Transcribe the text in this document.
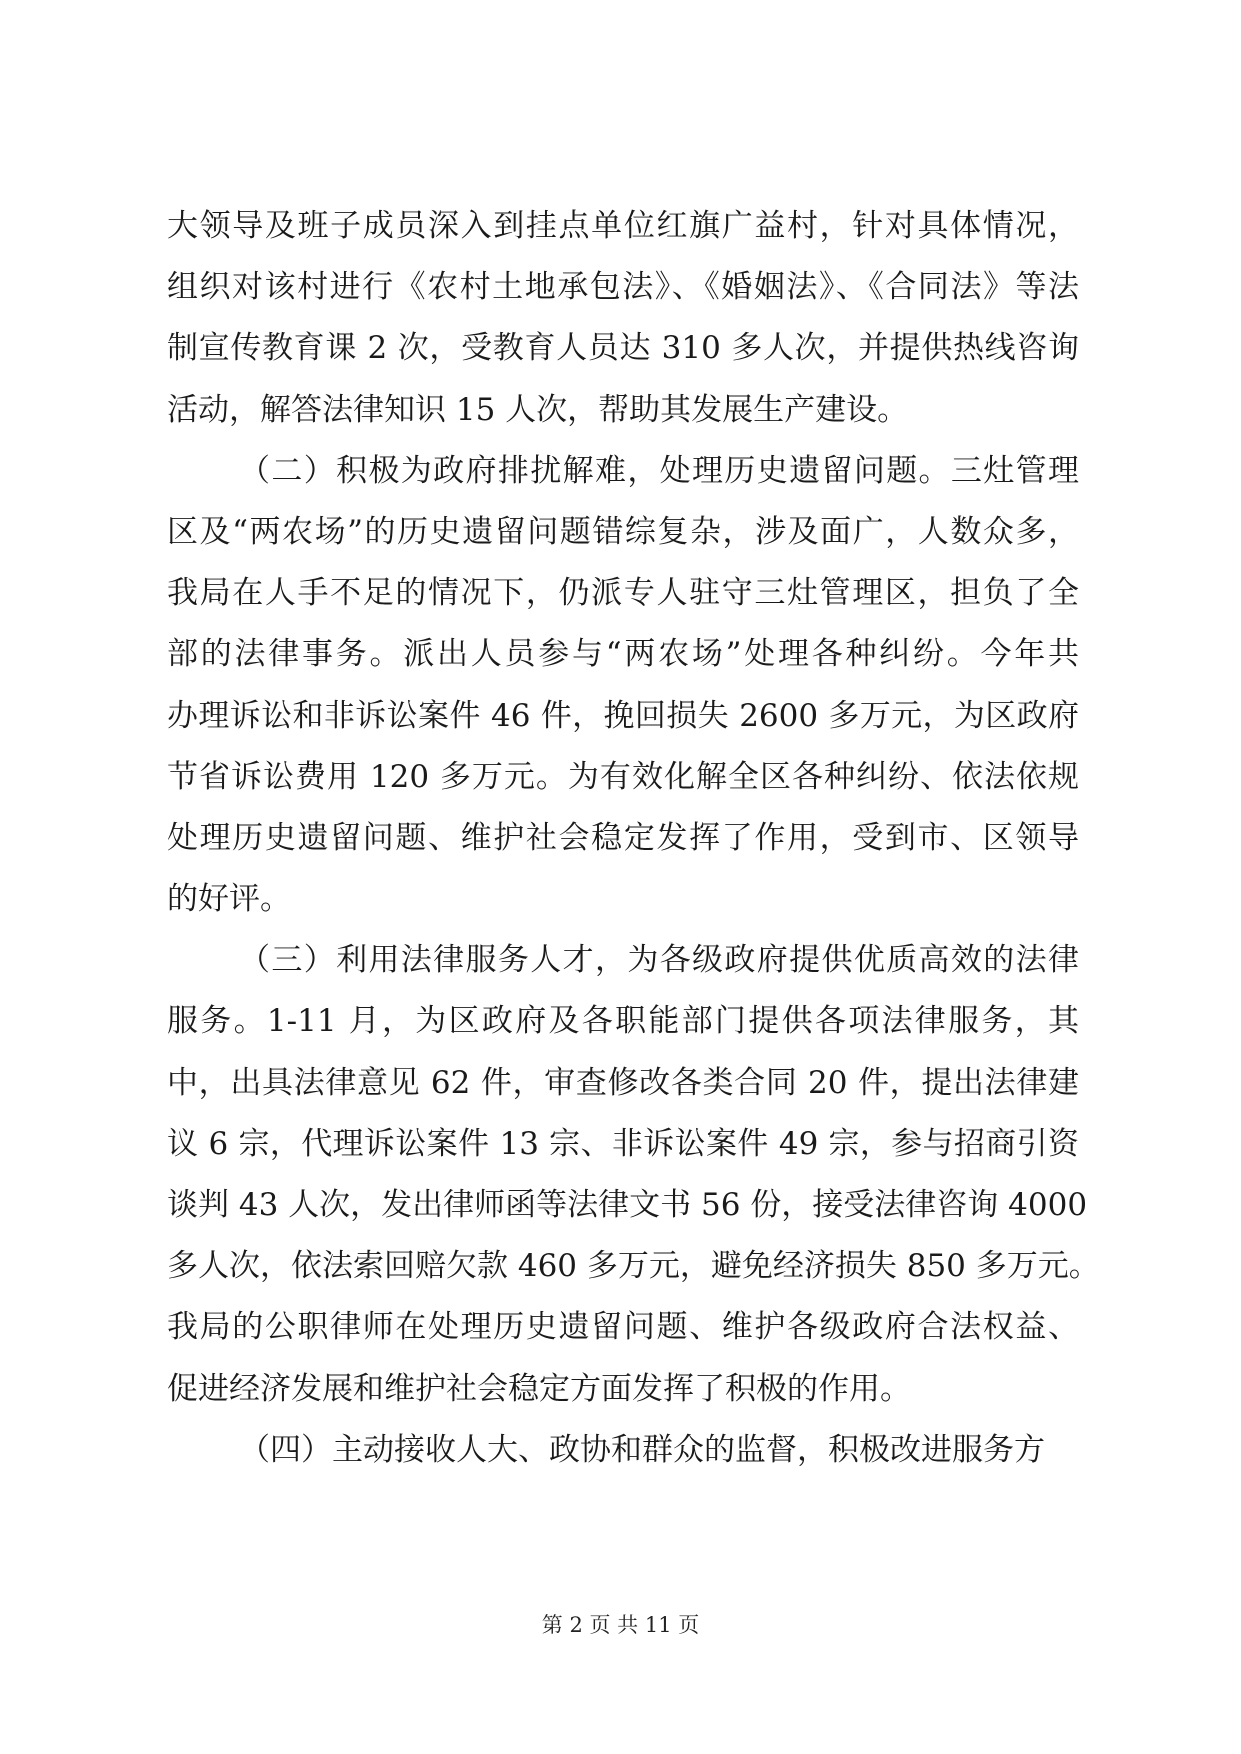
大领导及班子成员深入到挂点单位红旗广益村，针对具体情况，
组织对该村进行《农村土地承包法》、《婚姻法》、《合同法》等法
制宣传教育课 2 次，受教育人员达 310 多人次，并提供热线咨询
活动，解答法律知识 15 人次，帮助其发展生产建设。
（二）积极为政府排扰解难，处理历史遗留问题。三灶管理
区及“两农场”的历史遗留问题错综复杂，涉及面广，人数众多，
我局在人手不足的情况下，仍派专人驻守三灶管理区，担负了全
部的法律事务。派出人员参与“两农场”处理各种纠纷。今年共
办理诉讼和非诉讼案件 46 件，挽回损失 2600 多万元，为区政府
节省诉讼费用 120 多万元。为有效化解全区各种纠纷、依法依规
处理历史遗留问题、维护社会稳定发挥了作用，受到市、区领导
的好评。
（三）利用法律服务人才，为各级政府提供优质高效的法律
服务。1-11 月，为区政府及各职能部门提供各项法律服务，其
中，出具法律意见 62 件，审查修改各类合同 20 件，提出法律建
议 6 宗，代理诉讼案件 13 宗、非诉讼案件 49 宗，参与招商引资
谈判 43 人次，发出律师函等法律文书 56 份，接受法律咨询 4000
多人次，依法索回赔欠款 460 多万元，避免经济损失 850 多万元。
我局的公职律师在处理历史遗留问题、维护各级政府合法权益、
促进经济发展和维护社会稳定方面发挥了积极的作用。
（四）主动接收人大、政协和群众的监督，积极改进服务方
第 2 页 共 11 页
